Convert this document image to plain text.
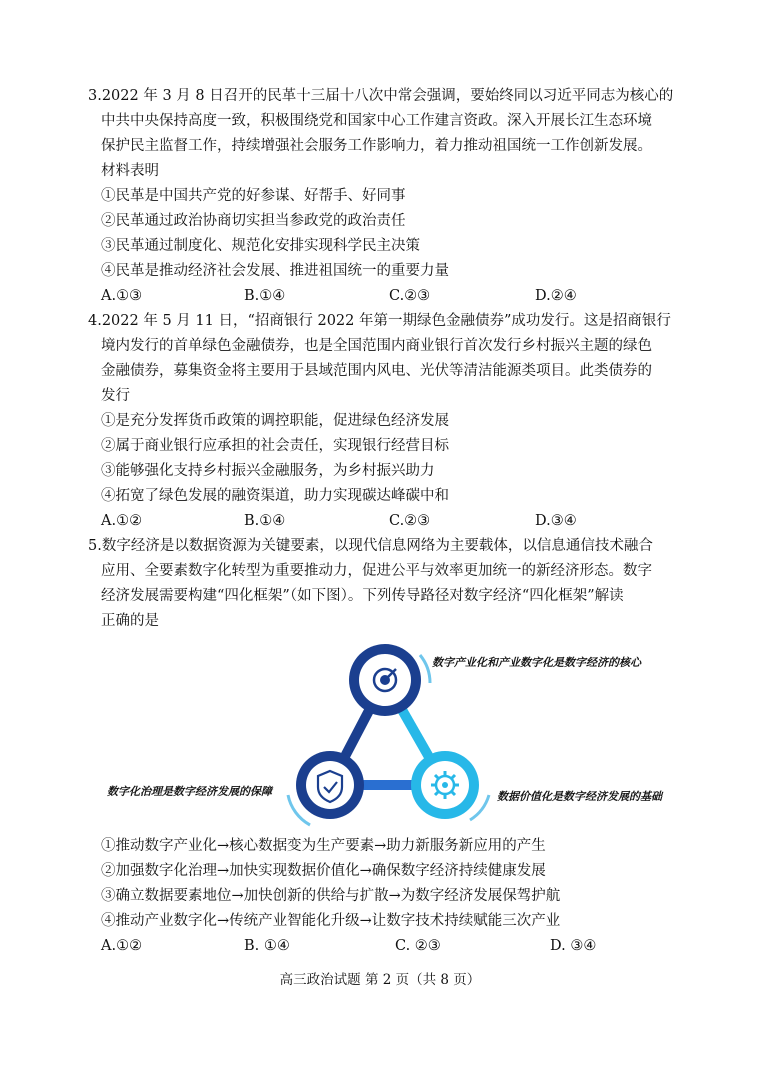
3.2022 年 3 月 8 日召开的民革十三届十八次中常会强调，要始终同以习近平同志为核心的
中共中央保持高度一致，积极围绕党和国家中心工作建言资政。深入开展长江生态环境
保护民主监督工作，持续增强社会服务工作影响力，着力推动祖国统一工作创新发展。
材料表明
①民革是中国共产党的好参谋、好帮手、好同事
②民革通过政治协商切实担当参政党的政治责任
③民革通过制度化、规范化安排实现科学民主决策
④民革是推动经济社会发展、推进祖国统一的重要力量
A.①③	B.①④	C.②③	D.②④
4.2022 年 5 月 11 日，“招商银行 2022 年第一期绿色金融债券”成功发行。这是招商银行
境内发行的首单绿色金融债券，也是全国范围内商业银行首次发行乡村振兴主题的绿色
金融债券，募集资金将主要用于县域范围内风电、光伏等清洁能源类项目。此类债券的
发行
①是充分发挥货币政策的调控职能，促进绿色经济发展
②属于商业银行应承担的社会责任，实现银行经营目标
③能够强化支持乡村振兴金融服务，为乡村振兴助力
④拓宽了绿色发展的融资渠道，助力实现碳达峰碳中和
A.①②	B.①④	C.②③	D.③④
5.数字经济是以数据资源为关键要素，以现代信息网络为主要载体，以信息通信技术融合
应用、全要素数字化转型为重要推动力，促进公平与效率更加统一的新经济形态。数字
经济发展需要构建“四化框架”（如下图）。下列传导路径对数字经济“四化框架”解读
正确的是
数字产业化和产业数字化是数字经济的核心
数字化治理是数字经济发展的保障	数据价值化是数字经济发展的基础
①推动数字产业化→核心数据变为生产要素→助力新服务新应用的产生
②加强数字化治理→加快实现数据价值化→确保数字经济持续健康发展
③确立数据要素地位→加快创新的供给与扩散→为数字经济发展保驾护航
④推动产业数字化→传统产业智能化升级→让数字技术持续赋能三次产业
A.①②	B. ①④	C. ②③	D. ③④
高三政治试题 第 2 页（共 8 页）
